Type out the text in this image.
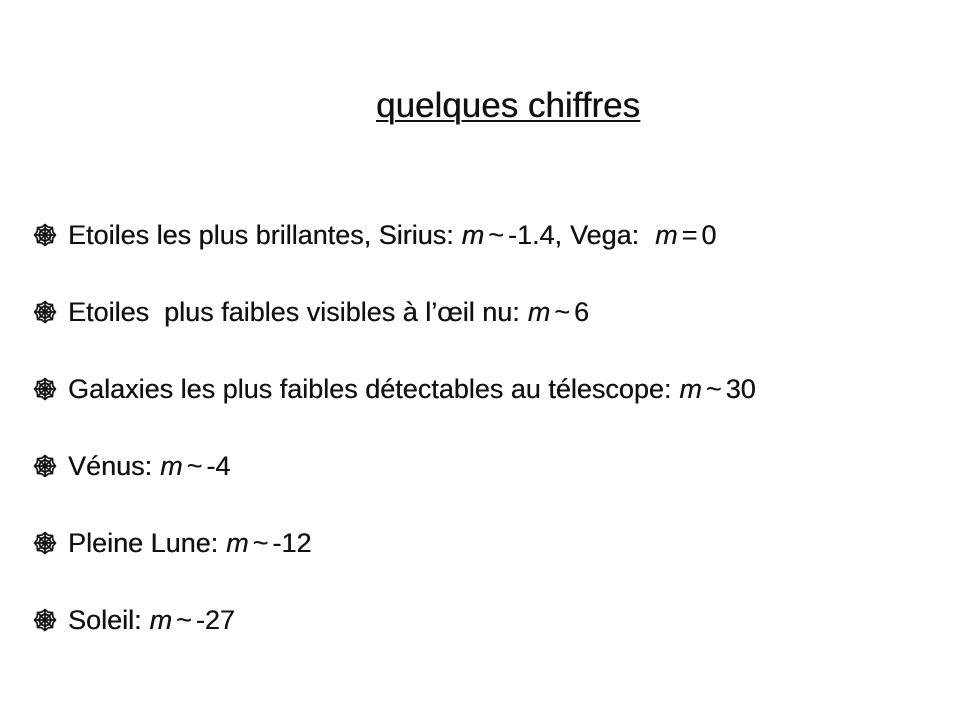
quelques chiffres
Etoiles les plus brillantes, Sirius: m ~ -1.4, Vega: m = 0
Etoiles  plus faibles visibles à l’œil nu: m ~ 6
Galaxies les plus faibles détectables au télescope: m ~ 30
Vénus: m ~ -4
Pleine Lune: m ~ -12
Soleil: m ~ -27
